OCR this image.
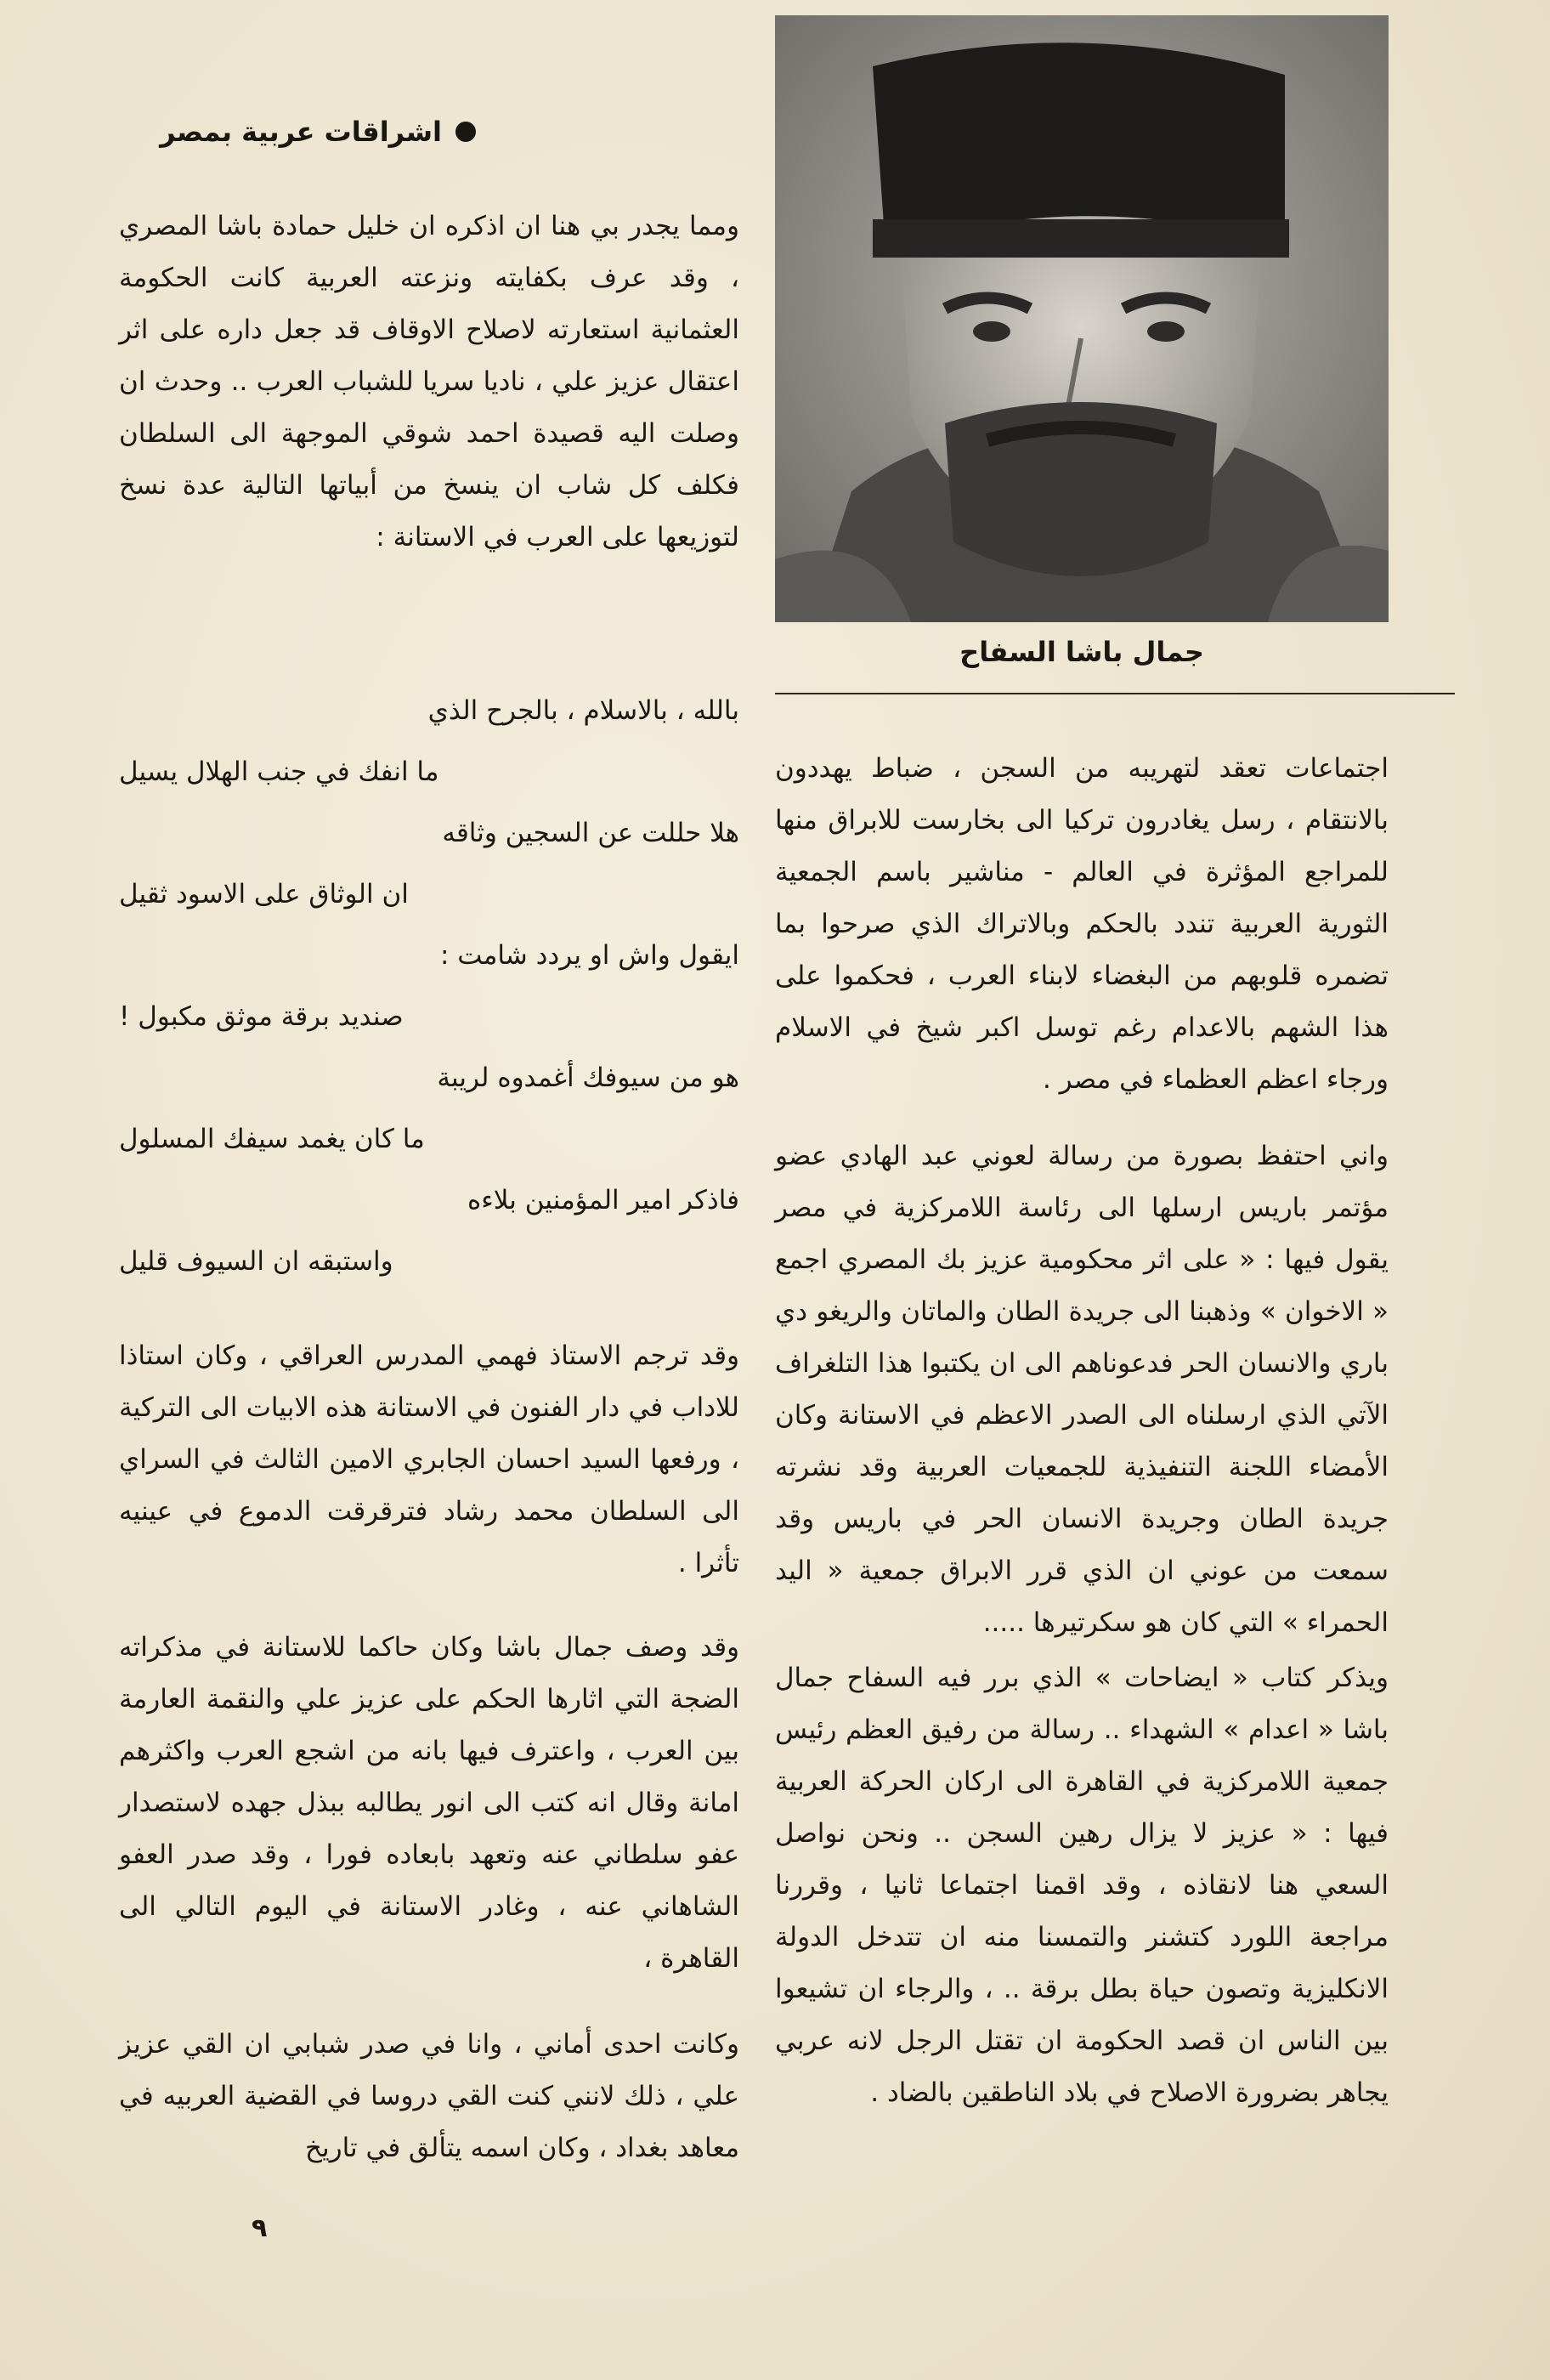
اشراقات عربية بمصر

ومما يجدر بي هنا ان اذكره ان خليل حمادة باشا المصري ، وقد عرف بكفايته ونزعته العربية كانت الحكومة العثمانية استعارته لاصلاح الاوقاف قد جعل داره على اثر اعتقال عزيز علي ، ناديا سريا للشباب العرب .. وحدث ان وصلت اليه قصيدة احمد شوقي الموجهة الى السلطان فكلف كل شاب ان ينسخ من أبياتها التالية عدة نسخ لتوزيعها على العرب في الاستانة :

بالله ، بالاسلام ، بالجرح الذي
ما انفك في جنب الهلال يسيل
هلا حللت عن السجين وثاقه
ان الوثاق على الاسود ثقيل
ايقول واش او يردد شامت :
صنديد برقة موثق مكبول !
هو من سيوفك أغمدوه لريبة
ما كان يغمد سيفك المسلول
فاذكر امير المؤمنين بلاءه
واستبقه ان السيوف قليل

وقد ترجم الاستاذ فهمي المدرس العراقي ، وكان استاذا للاداب في دار الفنون في الاستانة هذه الابيات الى التركية ، ورفعها السيد احسان الجابري الامين الثالث في السراي الى السلطان محمد رشاد فترقرقت الدموع في عينيه تأثرا .

وقد وصف جمال باشا وكان حاكما للاستانة في مذكراته الضجة التي اثارها الحكم على عزيز علي والنقمة العارمة بين العرب ، واعترف فيها بانه من اشجع العرب واكثرهم امانة وقال انه كتب الى انور يطالبه ببذل جهده لاستصدار عفو سلطاني عنه وتعهد بابعاده فورا ، وقد صدر العفو الشاهاني عنه ، وغادر الاستانة في اليوم التالي الى القاهرة ،

وكانت احدى أماني ، وانا في صدر شبابي ان القي عزيز علي ، ذلك لانني كنت القي دروسا في القضية العربيه في معاهد بغداد ، وكان اسمه يتألق في تاريخ

جمال باشا السفاح

اجتماعات تعقد لتهريبه من السجن ، ضباط يهددون بالانتقام ، رسل يغادرون تركيا الى بخارست للابراق منها للمراجع المؤثرة في العالم - مناشير باسم الجمعية الثورية العربية تندد بالحكم وبالاتراك الذي صرحوا بما تضمره قلوبهم من البغضاء لابناء العرب ، فحكموا على هذا الشهم بالاعدام رغم توسل اكبر شيخ في الاسلام ورجاء اعظم العظماء في مصر .

واني احتفظ بصورة من رسالة لعوني عبد الهادي عضو مؤتمر باريس ارسلها الى رئاسة اللامركزية في مصر يقول فيها : « على اثر محكومية عزيز بك المصري اجمع « الاخوان » وذهبنا الى جريدة الطان والماتان والريغو دي باري والانسان الحر فدعوناهم الى ان يكتبوا هذا التلغراف الآتي الذي ارسلناه الى الصدر الاعظم في الاستانة وكان الأمضاء اللجنة التنفيذية للجمعيات العربية وقد نشرته جريدة الطان وجريدة الانسان الحر في باريس وقد سمعت من عوني ان الذي قرر الابراق جمعية « اليد الحمراء » التي كان هو سكرتيرها .....

ويذكر كتاب « ايضاحات » الذي برر فيه السفاح جمال باشا « اعدام » الشهداء .. رسالة من رفيق العظم رئيس جمعية اللامركزية في القاهرة الى اركان الحركة العربية فيها : « عزيز لا يزال رهين السجن .. ونحن نواصل السعي هنا لانقاذه ، وقد اقمنا اجتماعا ثانيا ، وقررنا مراجعة اللورد كتشنر والتمسنا منه ان تتدخل الدولة الانكليزية وتصون حياة بطل برقة .. ، والرجاء ان تشيعوا بين الناس ان قصد الحكومة ان تقتل الرجل لانه عربي يجاهر بضرورة الاصلاح في بلاد الناطقين بالضاد .

٩
